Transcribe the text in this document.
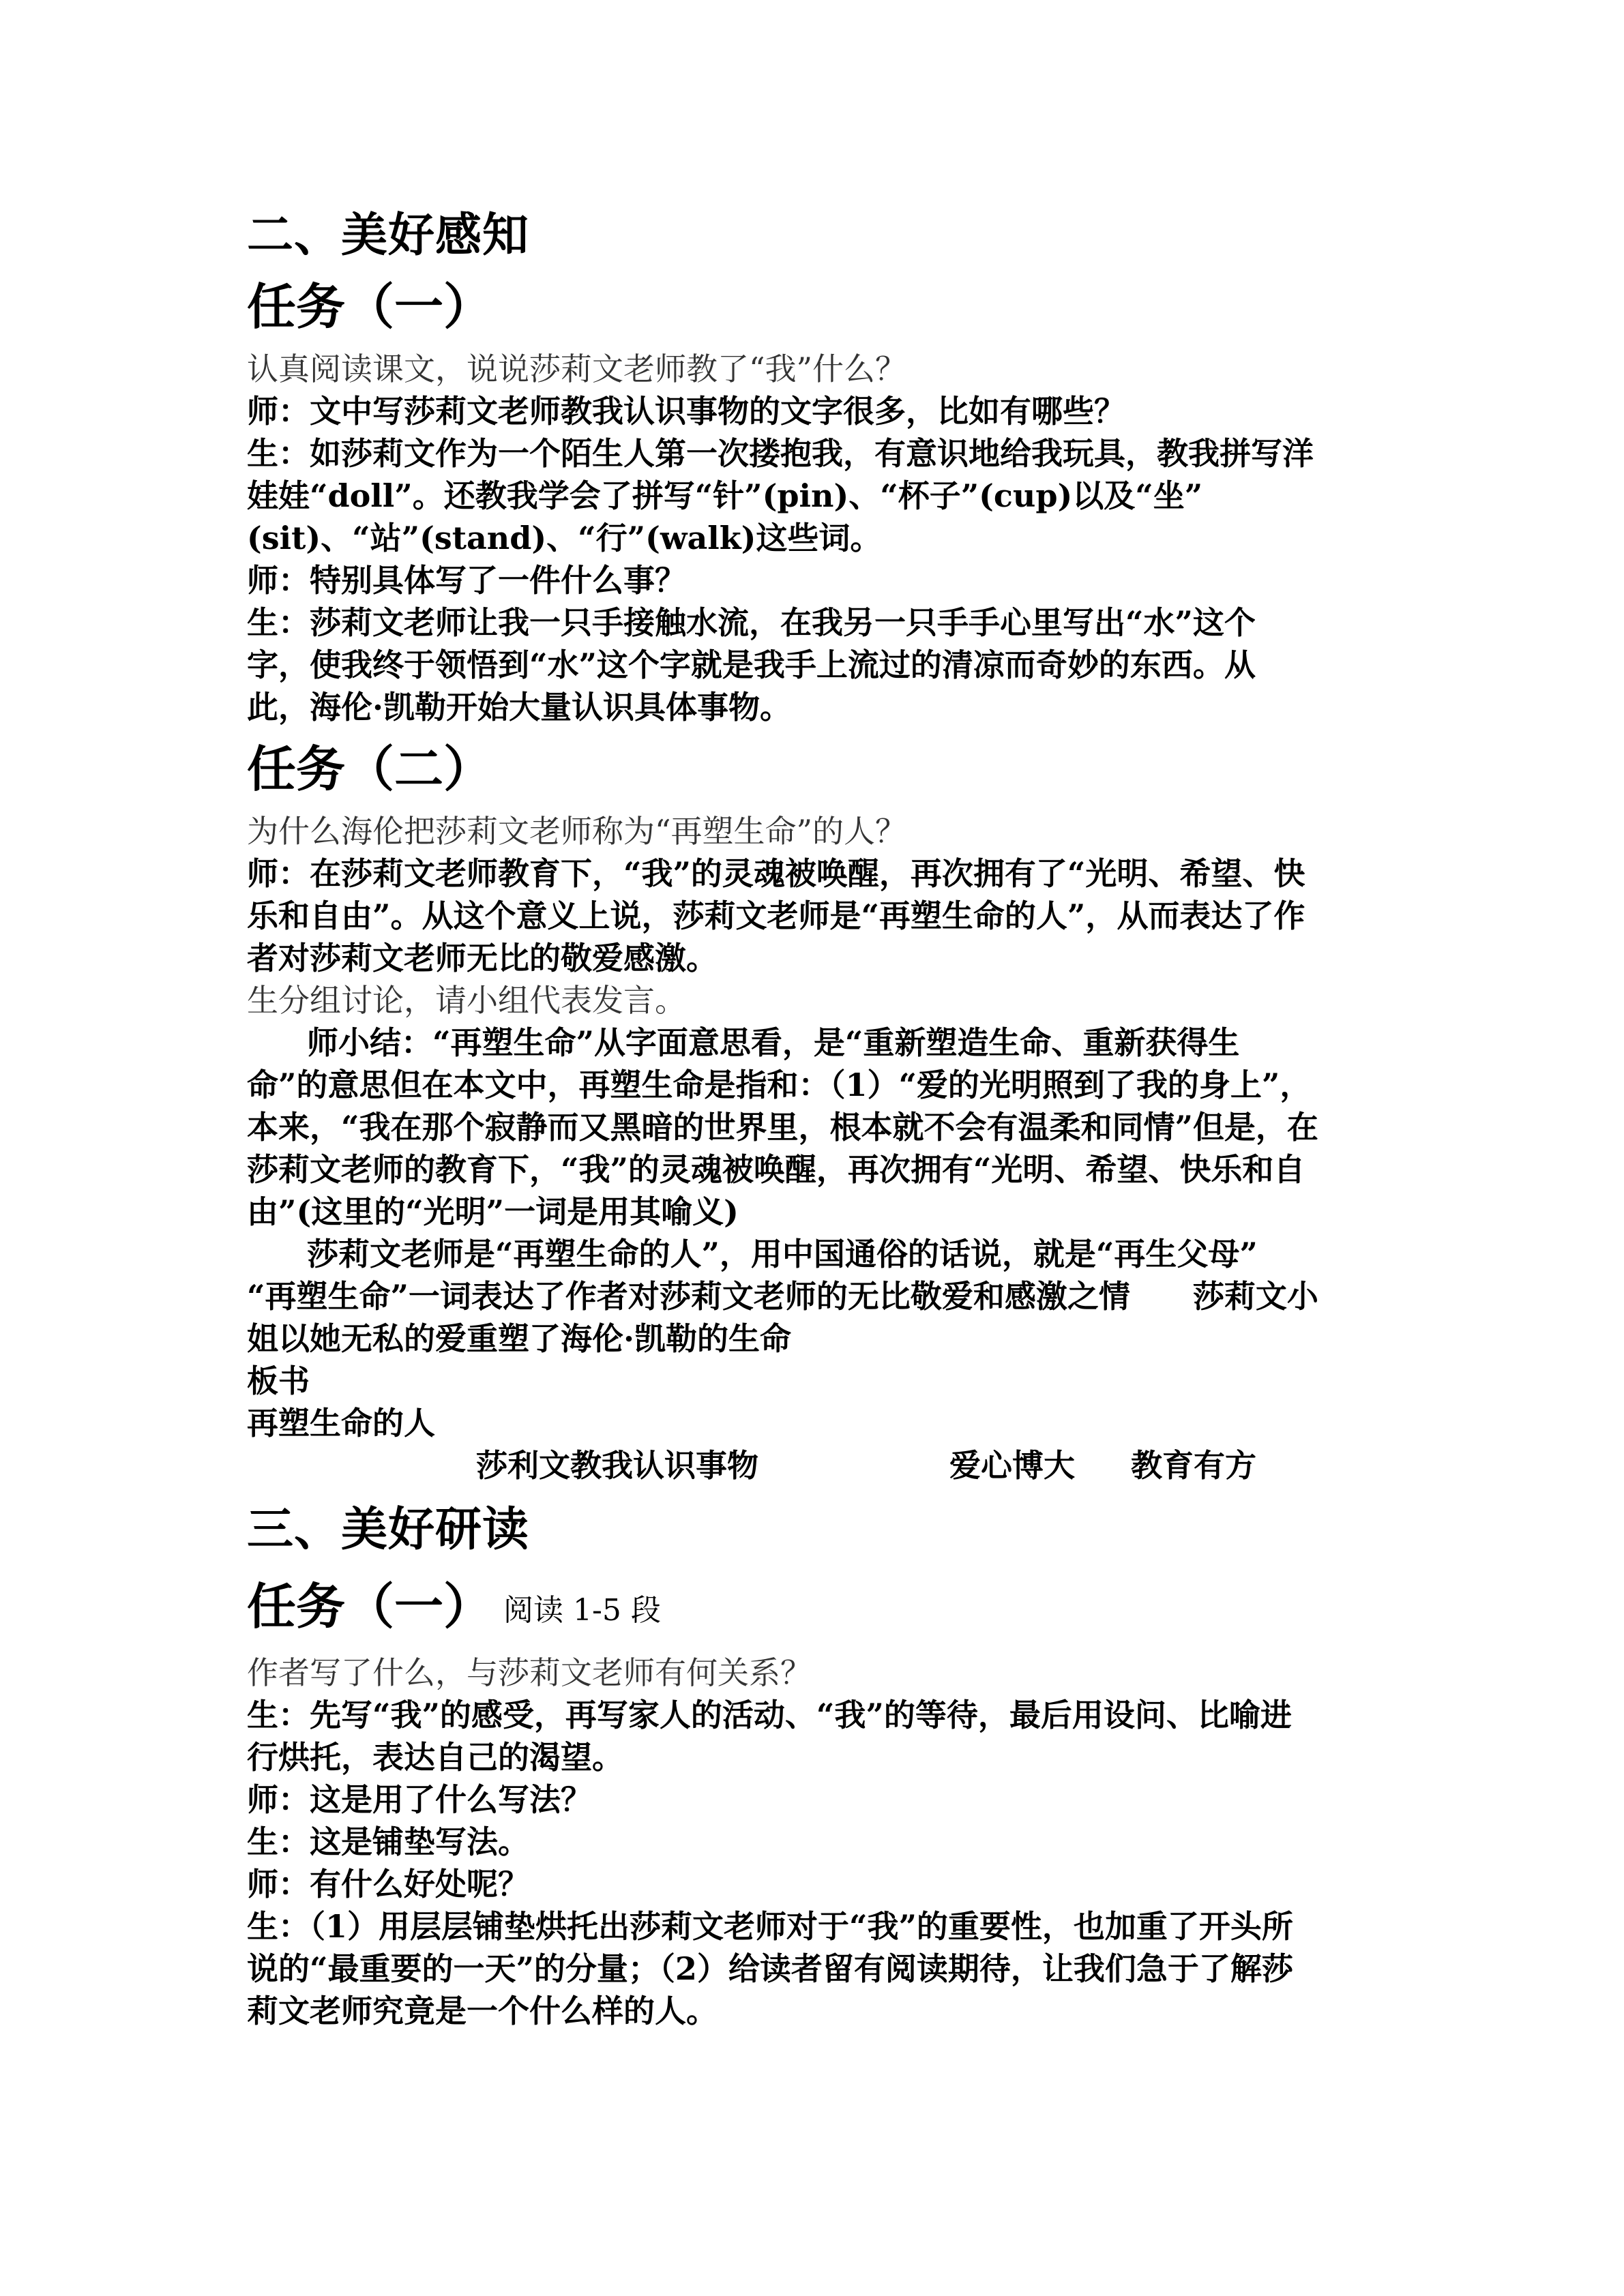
二、美好感知
任务（一）

认真阅读课文，说说莎莉文老师教了“我”什么？

师：文中写莎莉文老师教我认识事物的文字很多，比如有哪些？

生：如莎莉文作为一个陌生人第一次搂抱我，有意识地给我玩具，教我拼写洋

娃娃“doll”。还教我学会了拼写“针”(pin)、“杯子”(cup)以及“坐”

(sit)、“站”(stand)、“行”(walk)这些词。

师：特别具体写了一件什么事？

生：莎莉文老师让我一只手接触水流，在我另一只手手心里写出“水”这个

字，使我终于领悟到“水”这个字就是我手上流过的清凉而奇妙的东西。从

此，海伦·凯勒开始大量认识具体事物。

任务（二）

为什么海伦把莎莉文老师称为“再塑生命”的人？

师：在莎莉文老师教育下，“我”的灵魂被唤醒，再次拥有了“光明、希望、快

乐和自由”。从这个意义上说，莎莉文老师是“再塑生命的人”，从而表达了作

者对莎莉文老师无比的敬爱感激。

生分组讨论，请小组代表发言。

师小结：“再塑生命”从字面意思看，是“重新塑造生命、重新获得生

命”的意思但在本文中，再塑生命是指和：（1）“爱的光明照到了我的身上”，

本来，“我在那个寂静而又黑暗的世界里，根本就不会有温柔和同情”但是，在

莎莉文老师的教育下，“我”的灵魂被唤醒，再次拥有“光明、希望、快乐和自

由”(这里的“光明”一词是用其喻义)

莎莉文老师是“再塑生命的人”，用中国通俗的话说，就是“再生父母”

“再塑生命”一词表达了作者对莎莉文老师的无比敬爱和感激之情　　莎莉文小

姐以她无私的爱重塑了海伦·凯勒的生命

板书

再塑生命的人

莎利文教我认识事物	爱心博大 教育有方
三、美好研读
任务（一） 阅读 1-5 段

作者写了什么，与莎莉文老师有何关系？

生：先写“我”的感受，再写家人的活动、“我”的等待，最后用设问、比喻进

行烘托，表达自己的渴望。

师：这是用了什么写法？

生：这是铺垫写法。

师：有什么好处呢？

生：（1）用层层铺垫烘托出莎莉文老师对于“我”的重要性，也加重了开头所

说的“最重要的一天”的分量；（2）给读者留有阅读期待，让我们急于了解莎

莉文老师究竟是一个什么样的人。
